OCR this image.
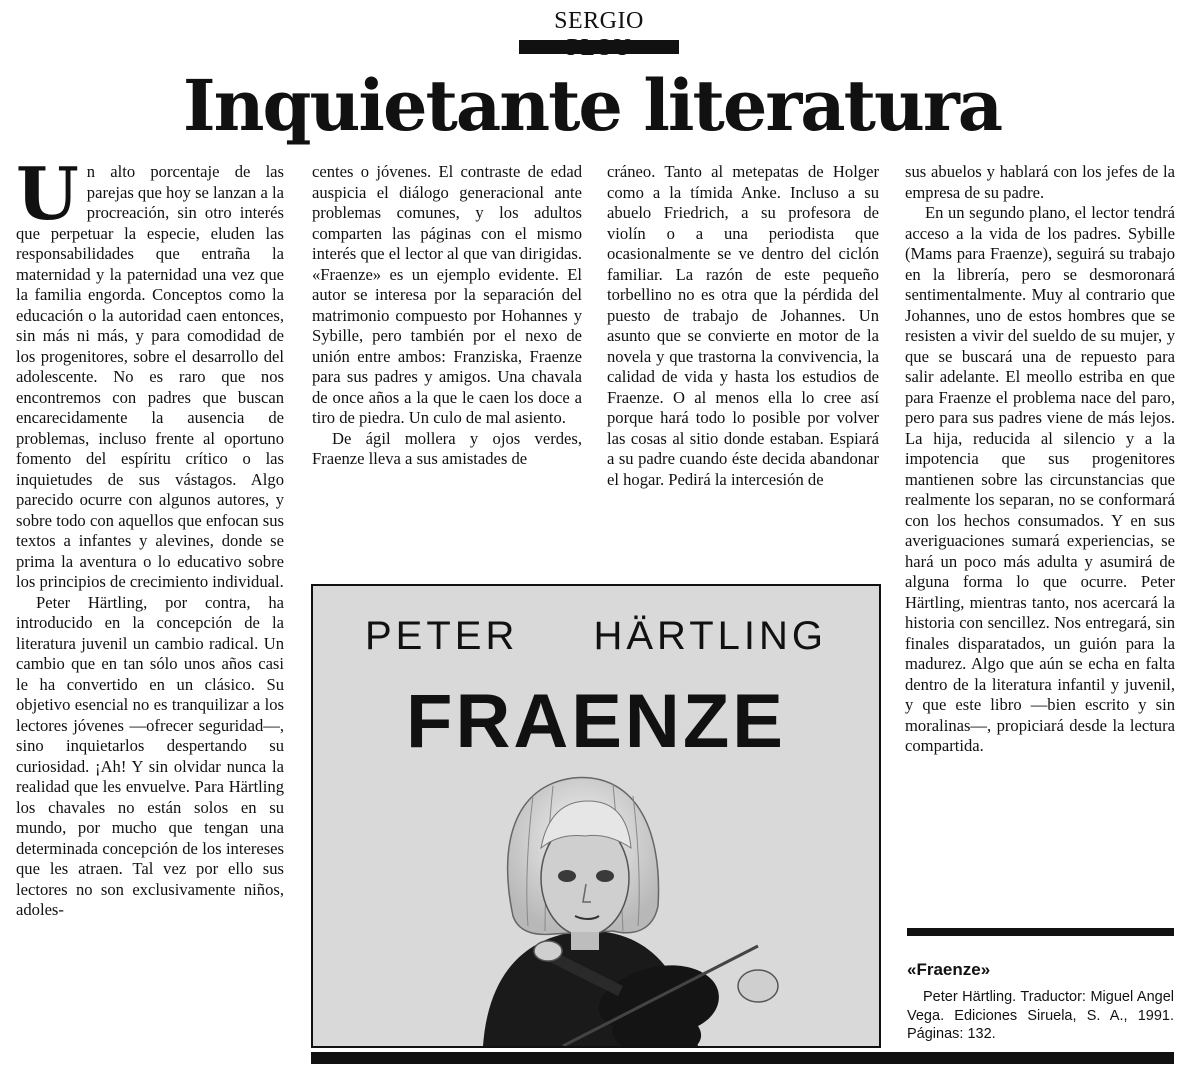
SERGIO
Inquietante literatura
U n alto porcentaje de las parejas que hoy se lanzan a la procreación, sin otro interés que perpetuar la especie, eluden las responsabilidades que entraña la maternidad y la paternidad una vez que la familia engorda. Conceptos como la educación o la autoridad caen entonces, sin más ni más, y para comodidad de los progenitores, sobre el desarrollo del adolescente. No es raro que nos encontremos con padres que buscan encarecidamente la ausencia de problemas, incluso frente al oportuno fomento del espíritu crítico o las inquietudes de sus vástagos. Algo parecido ocurre con algunos autores, y sobre todo con aquellos que enfocan sus textos a infantes y alevines, donde se prima la aventura o lo educativo sobre los principios de crecimiento individual.

Peter Härtling, por contra, ha introducido en la concepción de la literatura juvenil un cambio radical. Un cambio que en tan sólo unos años casi le ha convertido en un clásico. Su objetivo esencial no es tranquilizar a los lectores jóvenes —ofrecer seguridad—, sino inquietarlos despertando su curiosidad. ¡Ah! Y sin olvidar nunca la realidad que les envuelve. Para Härtling los chavales no están solos en su mundo, por mucho que tengan una determinada concepción de los intereses que les atraen. Tal vez por ello sus lectores no son exclusivamente niños, adoles-

centes o jóvenes. El contraste de edad auspicia el diálogo generacional ante problemas comunes, y los adultos comparten las páginas con el mismo interés que el lector al que van dirigidas. «Fraenze» es un ejemplo evidente. El autor se interesa por la separación del matrimonio compuesto por Hohannes y Sybille, pero también por el nexo de unión entre ambos: Franziska, Fraenze para sus padres y amigos. Una chavala de once años a la que le caen los doce a tiro de piedra. Un culo de mal asiento.

De ágil mollera y ojos verdes, Fraenze lleva a sus amistades de

cráneo. Tanto al metepatas de Holger como a la tímida Anke. Incluso a su abuelo Friedrich, a su profesora de violín o a una periodista que ocasionalmente se ve dentro del ciclón familiar. La razón de este pequeño torbellino no es otra que la pérdida del puesto de trabajo de Johannes. Un asunto que se convierte en motor de la novela y que trastorna la convivencia, la calidad de vida y hasta los estudios de Fraenze. O al menos ella lo cree así porque hará todo lo posible por volver las cosas al sitio donde estaban. Espiará a su padre cuando éste decida abandonar el hogar. Pedirá la intercesión de

sus abuelos y hablará con los jefes de la empresa de su padre.

En un segundo plano, el lector tendrá acceso a la vida de los padres. Sybille (Mams para Fraenze), seguirá su trabajo en la librería, pero se desmoronará sentimentalmente. Muy al contrario que Johannes, uno de estos hombres que se resisten a vivir del sueldo de su mujer, y que se buscará una de repuesto para salir adelante. El meollo estriba en que para Fraenze el problema nace del paro, pero para sus padres viene de más lejos. La hija, reducida al silencio y a la impotencia que sus progenitores mantienen sobre las circunstancias que realmente los separan, no se conformará con los hechos consumados. Y en sus averiguaciones sumará experiencias, se hará un poco más adulta y asumirá de alguna forma lo que ocurre. Peter Härtling, mientras tanto, nos acercará la historia con sencillez. Nos entregará, sin finales disparatados, un guión para la madurez. Algo que aún se echa en falta dentro de la literatura infantil y juvenil, y que este libro —bien escrito y sin moralinas—, propiciará desde la lectura compartida.

PETER HÄRTLING
FRAENZE
«Fraenze»

Peter Härtling. Traductor: Miguel Angel Vega. Ediciones Siruela, S. A., 1991. Páginas: 132.
